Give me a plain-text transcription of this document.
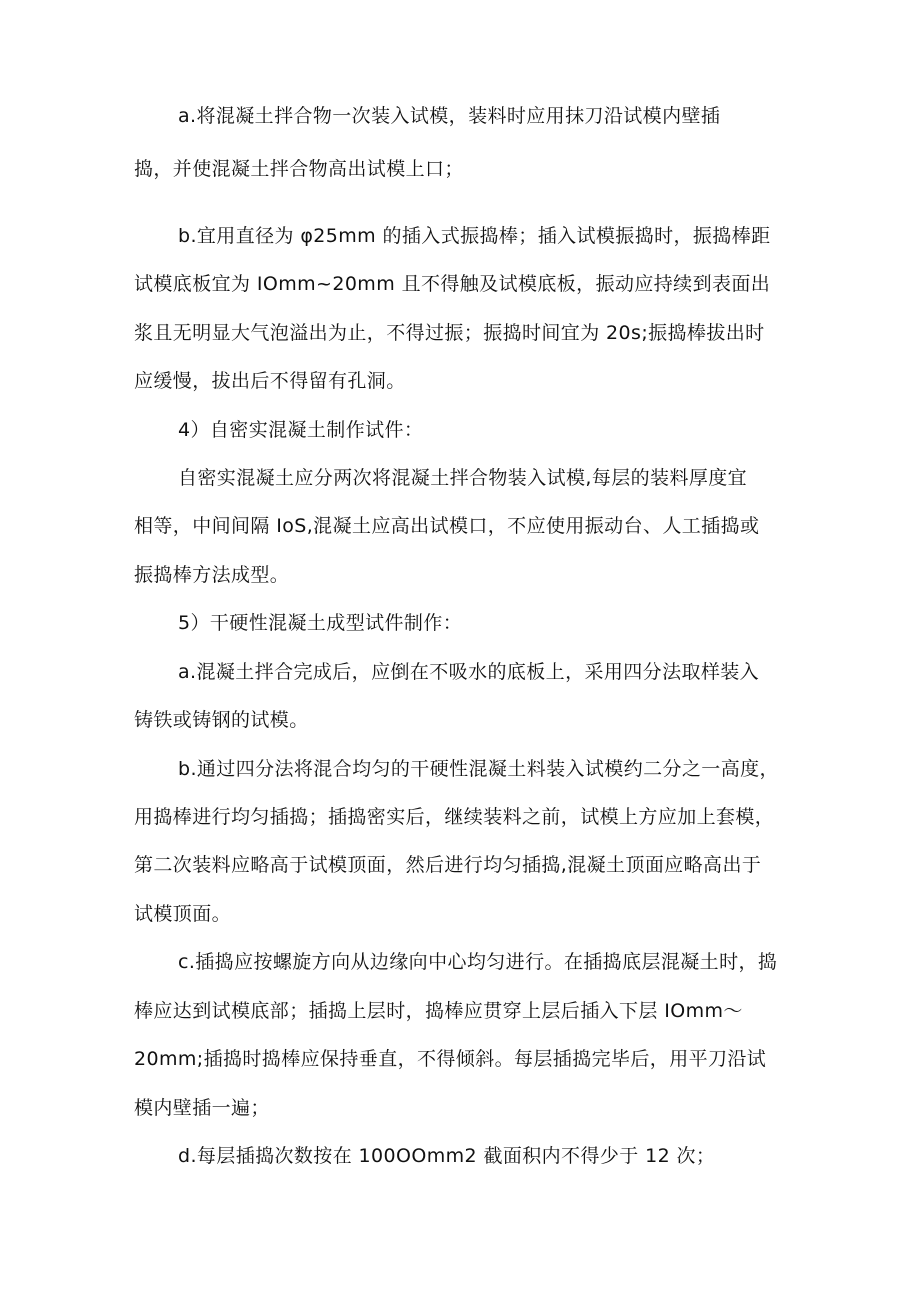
a.将混凝土拌合物一次装入试模，装料时应用抹刀沿试模内壁插
捣，并使混凝土拌合物高出试模上口；
b.宜用直径为 φ25mm 的插入式振捣棒；插入试模振捣时，振捣棒距
试模底板宜为 IOmm~20mm 且不得触及试模底板，振动应持续到表面出
浆且无明显大气泡溢出为止，不得过振；振捣时间宜为 20s;振捣棒拔出时
应缓慢，拔出后不得留有孔洞。
4）自密实混凝土制作试件：
自密实混凝土应分两次将混凝土拌合物装入试模,每层的装料厚度宜
相等，中间间隔 IoS,混凝土应高出试模口，不应使用振动台、人工插捣或
振捣棒方法成型。
5）干硬性混凝土成型试件制作：
a.混凝土拌合完成后，应倒在不吸水的底板上，采用四分法取样装入
铸铁或铸钢的试模。
b.通过四分法将混合均匀的干硬性混凝土料装入试模约二分之一高度，
用捣棒进行均匀插捣；插捣密实后，继续装料之前，试模上方应加上套模，
第二次装料应略高于试模顶面，然后进行均匀插捣,混凝土顶面应略高出于
试模顶面。
c.插捣应按螺旋方向从边缘向中心均匀进行。在插捣底层混凝土时，捣
棒应达到试模底部；插捣上层时，捣棒应贯穿上层后插入下层 IOmm～
20mm;插捣时捣棒应保持垂直，不得倾斜。每层插捣完毕后，用平刀沿试
模内壁插一遍；
d.每层插捣次数按在 100OOmm2 截面积内不得少于 12 次；
